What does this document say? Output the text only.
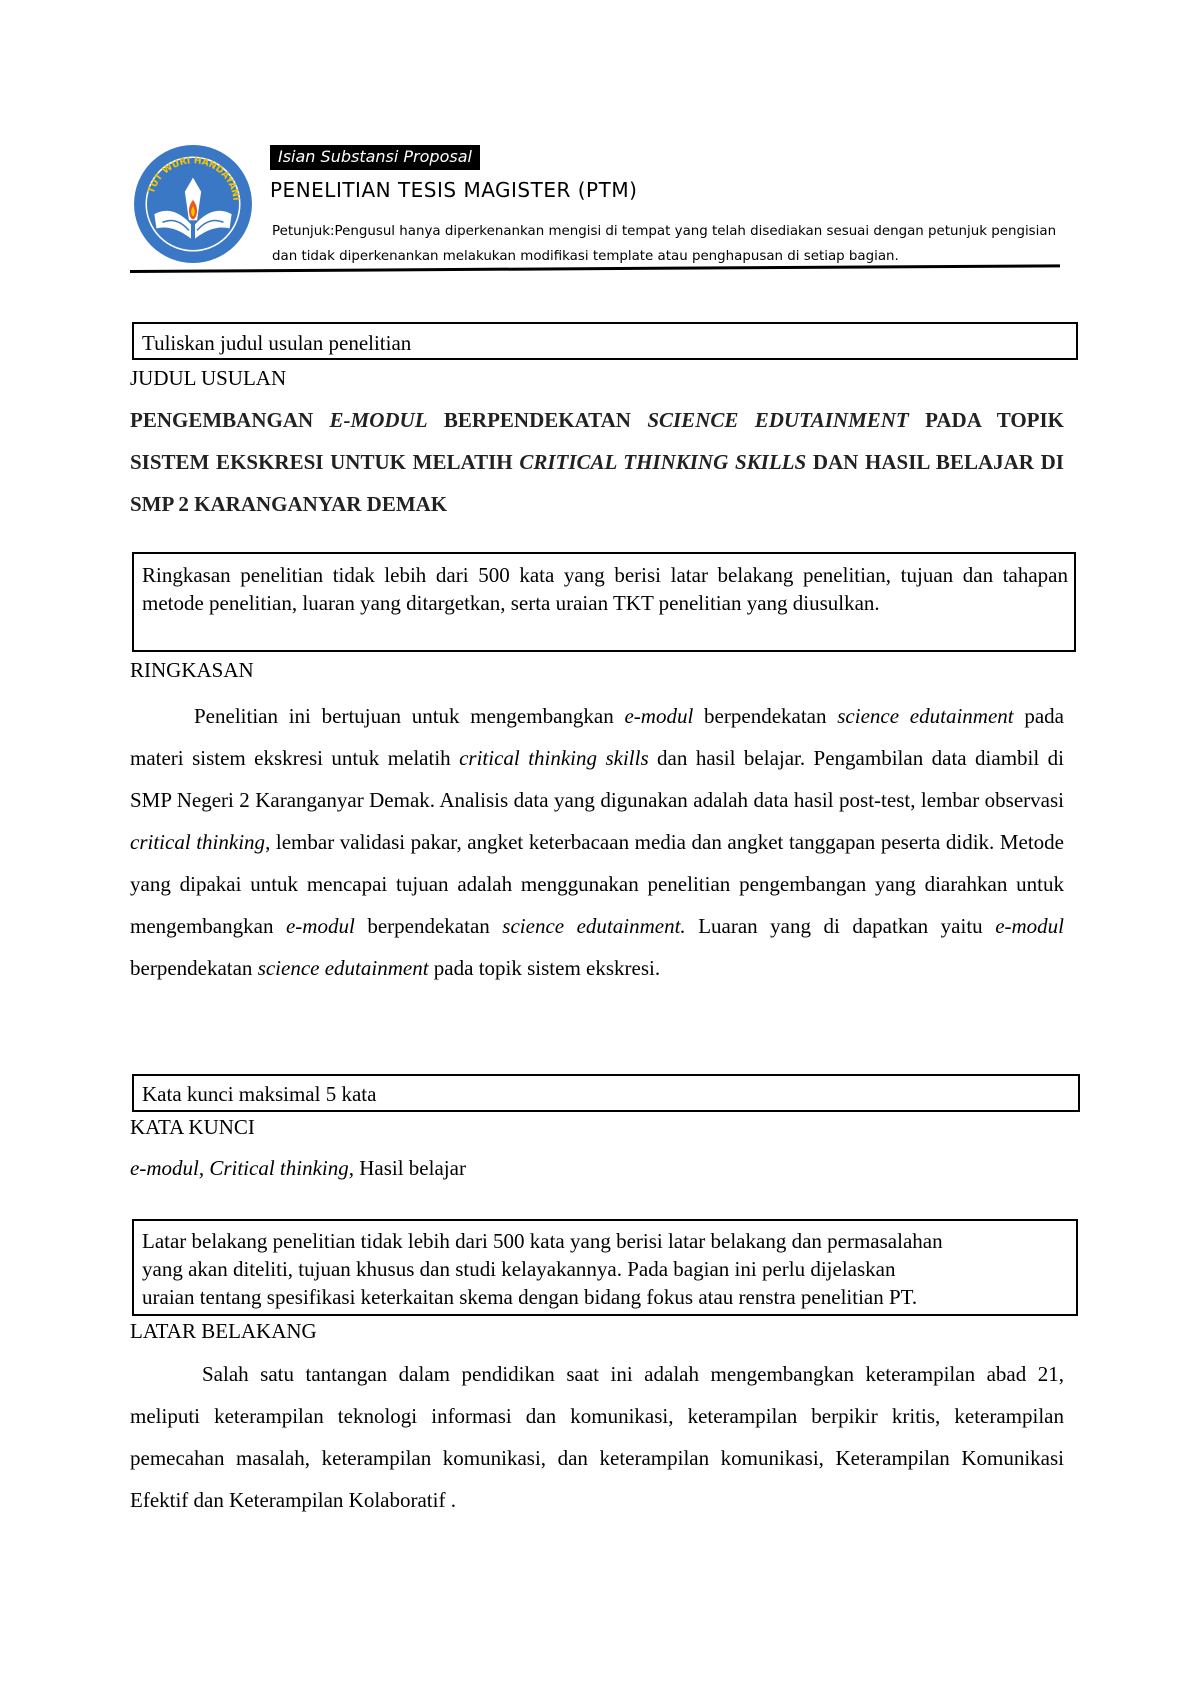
TUT WURI HANDAYANI
Isian Substansi Proposal
PENELITIAN TESIS MAGISTER (PTM)
Petunjuk:Pengusul hanya diperkenankan mengisi di tempat yang telah disediakan sesuai dengan petunjuk pengisian dan tidak diperkenankan melakukan modifikasi template atau penghapusan di setiap bagian.
Tuliskan judul usulan penelitian
JUDUL USULAN
PENGEMBANGAN E-MODUL BERPENDEKATAN SCIENCE EDUTAINMENT PADA TOPIK SISTEM EKSKRESI UNTUK MELATIH CRITICAL THINKING SKILLS DAN HASIL BELAJAR DI SMP 2 KARANGANYAR DEMAK
Ringkasan penelitian tidak lebih dari 500 kata yang berisi latar belakang penelitian, tujuan dan tahapan metode penelitian, luaran yang ditargetkan, serta uraian TKT penelitian yang diusulkan.
RINGKASAN
Penelitian ini bertujuan untuk mengembangkan e-modul berpendekatan science edutainment pada materi sistem ekskresi untuk melatih critical thinking skills dan hasil belajar. Pengambilan data diambil di SMP Negeri 2 Karanganyar Demak. Analisis data yang digunakan adalah data hasil post-test, lembar observasi critical thinking, lembar validasi pakar, angket keterbacaan media dan angket tanggapan peserta didik. Metode yang dipakai untuk mencapai tujuan adalah menggunakan penelitian pengembangan yang diarahkan untuk mengembangkan e-modul berpendekatan science edutainment. Luaran yang di dapatkan yaitu e-modul berpendekatan science edutainment pada topik sistem ekskresi.
Kata kunci maksimal 5 kata
KATA KUNCI
e-modul, Critical thinking, Hasil belajar
Latar belakang penelitian tidak lebih dari 500 kata yang berisi latar belakang dan permasalahan
yang akan diteliti, tujuan khusus dan studi kelayakannya. Pada bagian ini perlu dijelaskan
uraian tentang spesifikasi keterkaitan skema dengan bidang fokus atau renstra penelitian PT.
LATAR BELAKANG
Salah satu tantangan dalam pendidikan saat ini adalah mengembangkan keterampilan abad 21, meliputi keterampilan teknologi informasi dan komunikasi, keterampilan berpikir kritis, keterampilan pemecahan masalah, keterampilan komunikasi, dan keterampilan komunikasi, Keterampilan Komunikasi Efektif dan Keterampilan Kolaboratif .
